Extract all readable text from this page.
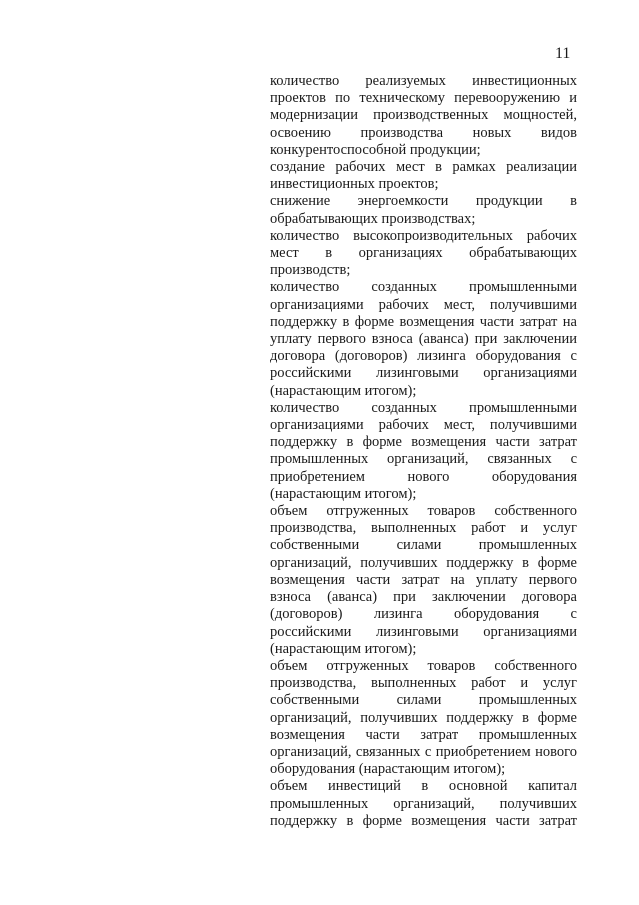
11

количество реализуемых инвестиционных проектов по техническому перевооружению и модернизации производственных мощностей, освоению производства новых видов конкурентоспособной продукции;

создание рабочих мест в рамках реализации инвестиционных проектов;

снижение энергоемкости продукции в обрабатывающих производствах;

количество высокопроизводительных рабочих мест в организациях обрабатывающих производств;

количество созданных промышленными организациями рабочих мест, получившими поддержку в форме возмещения части затрат на уплату первого взноса (аванса) при заключении договора (договоров) лизинга оборудования с российскими лизинговыми организациями (нарастающим итогом);

количество созданных промышленными организациями рабочих мест, получившими поддержку в форме возмещения части затрат промышленных организаций, связанных с приобретением нового оборудования (нарастающим итогом);

объем отгруженных товаров собственного производства, выполненных работ и услуг собственными силами промышленных организаций, получивших поддержку в форме возмещения части затрат на уплату первого взноса (аванса) при заключении договора (договоров) лизинга оборудования с российскими лизинговыми организациями (нарастающим итогом);

объем отгруженных товаров собственного производства, выполненных работ и услуг собственными силами промышленных организаций, получивших поддержку в форме возмещения части затрат промышленных организаций, связанных с приобретением нового оборудования (нарастающим итогом);

объем инвестиций в основной капитал промышленных организаций, получивших поддержку в форме возмещения части затрат
